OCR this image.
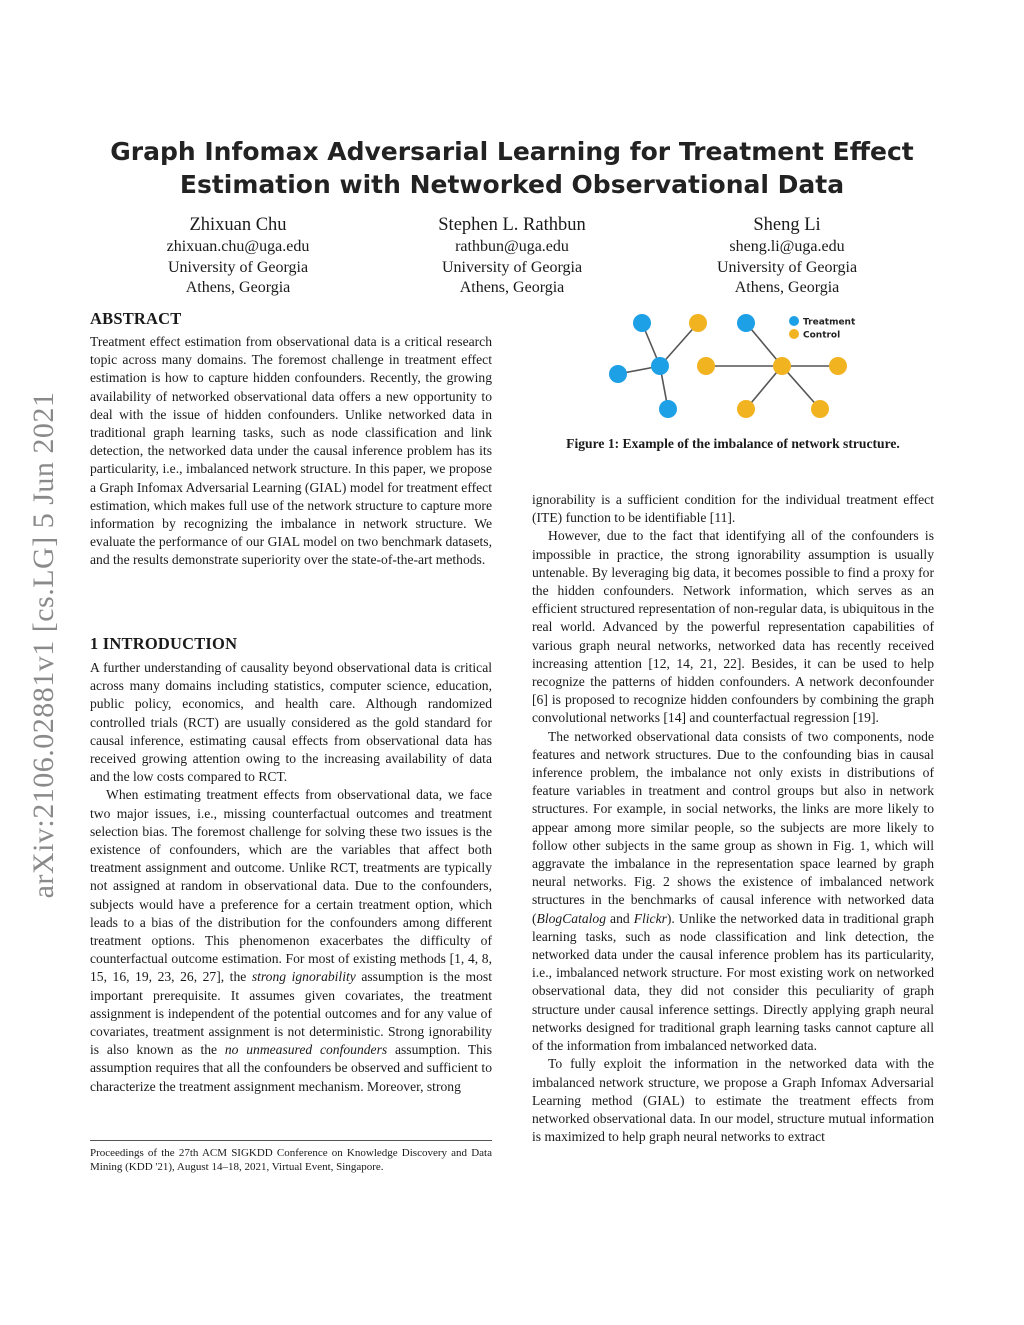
arXiv:2106.02881v1 [cs.LG] 5 Jun 2021
Graph Infomax Adversarial Learning for Treatment Effect
Estimation with Networked Observational Data
Zhixuan Chu
zhixuan.chu@uga.edu
University of Georgia
Athens, Georgia
Stephen L. Rathbun
rathbun@uga.edu
University of Georgia
Athens, Georgia
Sheng Li
sheng.li@uga.edu
University of Georgia
Athens, Georgia
ABSTRACT

Treatment effect estimation from observational data is a critical research topic across many domains. The foremost challenge in treatment effect estimation is how to capture hidden confounders. Recently, the growing availability of networked observational data offers a new opportunity to deal with the issue of hidden confounders. Unlike networked data in traditional graph learning tasks, such as node classification and link detection, the networked data under the causal inference problem has its particularity, i.e., imbalanced network structure. In this paper, we propose a Graph Infomax Adversarial Learning (GIAL) model for treatment effect estimation, which makes full use of the network structure to capture more information by recognizing the imbalance in network structure. We evaluate the performance of our GIAL model on two benchmark datasets, and the results demonstrate superiority over the state-of-the-art methods.

1 INTRODUCTION

A further understanding of causality beyond observational data is critical across many domains including statistics, computer science, education, public policy, economics, and health care. Although randomized controlled trials (RCT) are usually considered as the gold standard for causal inference, estimating causal effects from observational data has received growing attention owing to the increasing availability of data and the low costs compared to RCT.

When estimating treatment effects from observational data, we face two major issues, i.e., missing counterfactual outcomes and treatment selection bias. The foremost challenge for solving these two issues is the existence of confounders, which are the variables that affect both treatment assignment and outcome. Unlike RCT, treatments are typically not assigned at random in observational data. Due to the confounders, subjects would have a preference for a certain treatment option, which leads to a bias of the distribution for the confounders among different treatment options. This phenomenon exacerbates the difficulty of counterfactual outcome estimation. For most of existing methods [1, 4, 8, 15, 16, 19, 23, 26, 27], the strong ignorability assumption is the most important prerequisite. It assumes given covariates, the treatment assignment is independent of the potential outcomes and for any value of covariates, treatment assignment is not deterministic. Strong ignorability is also known as the no unmeasured confounders assumption. This assumption requires that all the confounders be observed and sufficient to characterize the treatment assignment mechanism. Moreover, strong

Proceedings of the 27th ACM SIGKDD Conference on Knowledge Discovery and Data Mining (KDD '21), August 14–18, 2021, Virtual Event, Singapore.
Treatment
Control
Figure 1: Example of the imbalance of network structure.

ignorability is a sufficient condition for the individual treatment effect (ITE) function to be identifiable [11].

However, due to the fact that identifying all of the confounders is impossible in practice, the strong ignorability assumption is usually untenable. By leveraging big data, it becomes possible to find a proxy for the hidden confounders. Network information, which serves as an efficient structured representation of non-regular data, is ubiquitous in the real world. Advanced by the powerful representation capabilities of various graph neural networks, networked data has recently received increasing attention [12, 14, 21, 22]. Besides, it can be used to help recognize the patterns of hidden confounders. A network deconfounder [6] is proposed to recognize hidden confounders by combining the graph convolutional networks [14] and counterfactual regression [19].

The networked observational data consists of two components, node features and network structures. Due to the confounding bias in causal inference problem, the imbalance not only exists in distributions of feature variables in treatment and control groups but also in network structures. For example, in social networks, the links are more likely to appear among more similar people, so the subjects are more likely to follow other subjects in the same group as shown in Fig. 1, which will aggravate the imbalance in the representation space learned by graph neural networks. Fig. 2 shows the existence of imbalanced network structures in the benchmarks of causal inference with networked data (BlogCatalog and Flickr). Unlike the networked data in traditional graph learning tasks, such as node classification and link detection, the networked data under the causal inference problem has its particularity, i.e., imbalanced network structure. For most existing work on networked observational data, they did not consider this peculiarity of graph structure under causal inference settings. Directly applying graph neural networks designed for traditional graph learning tasks cannot capture all of the information from imbalanced networked data.

To fully exploit the information in the networked data with the imbalanced network structure, we propose a Graph Infomax Adversarial Learning method (GIAL) to estimate the treatment effects from networked observational data. In our model, structure mutual information is maximized to help graph neural networks to extract
